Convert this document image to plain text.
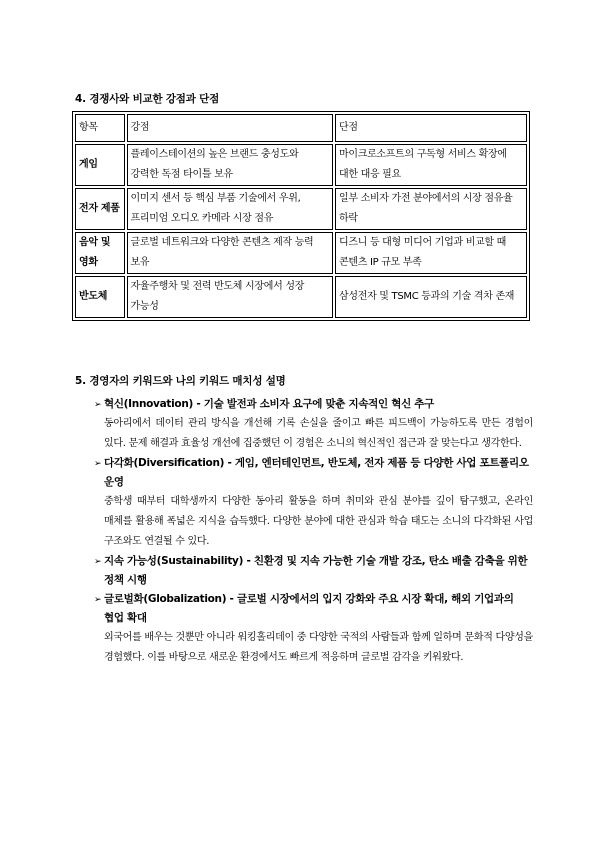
4. 경쟁사와 비교한 강점과 단점
항목	강점	단점
게임	플레이스테이션의 높은 브랜드 충성도와 강력한 독점 타이틀 보유	마이크로소프트의 구독형 서비스 확장에 대한 대응 필요
전자 제품	이미지 센서 등 핵심 부품 기술에서 우위, 프리미엄 오디오 카메라 시장 점유	일부 소비자 가전 분야에서의 시장 점유율 하락
음악 및 영화	글로벌 네트워크와 다양한 콘텐츠 제작 능력 보유	디즈니 등 대형 미디어 기업과 비교할 때 콘텐츠 IP 규모 부족
반도체	자율주행차 및 전력 반도체 시장에서 성장 가능성	삼성전자 및 TSMC 등과의 기술 격차 존재
5. 경영자의 키워드와 나의 키워드 매치성 설명
➢ 혁신(Innovation) - 기술 발전과 소비자 요구에 맞춘 지속적인 혁신 추구
동아리에서 데이터 관리 방식을 개선해 기록 손실을 줄이고 빠른 피드백이 가능하도록 만든 경험이 있다. 문제 해결과 효율성 개선에 집중했던 이 경험은 소니의 혁신적인 접근과 잘 맞는다고 생각한다.
➢ 다각화(Diversification) - 게임, 엔터테인먼트, 반도체, 전자 제품 등 다양한 사업 포트폴리오 운영
중학생 때부터 대학생까지 다양한 동아리 활동을 하며 취미와 관심 분야를 깊이 탐구했고, 온라인 매체를 활용해 폭넓은 지식을 습득했다. 다양한 분야에 대한 관심과 학습 태도는 소니의 다각화된 사업 구조와도 연결될 수 있다.
➢ 지속 가능성(Sustainability) - 친환경 및 지속 가능한 기술 개발 강조, 탄소 배출 감축을 위한 정책 시행
➢ 글로벌화(Globalization) - 글로벌 시장에서의 입지 강화와 주요 시장 확대, 해외 기업과의 협업 확대
외국어를 배우는 것뿐만 아니라 워킹홀리데이 중 다양한 국적의 사람들과 함께 일하며 문화적 다양성을 경험했다. 이를 바탕으로 새로운 환경에서도 빠르게 적응하며 글로벌 감각을 키워왔다.
